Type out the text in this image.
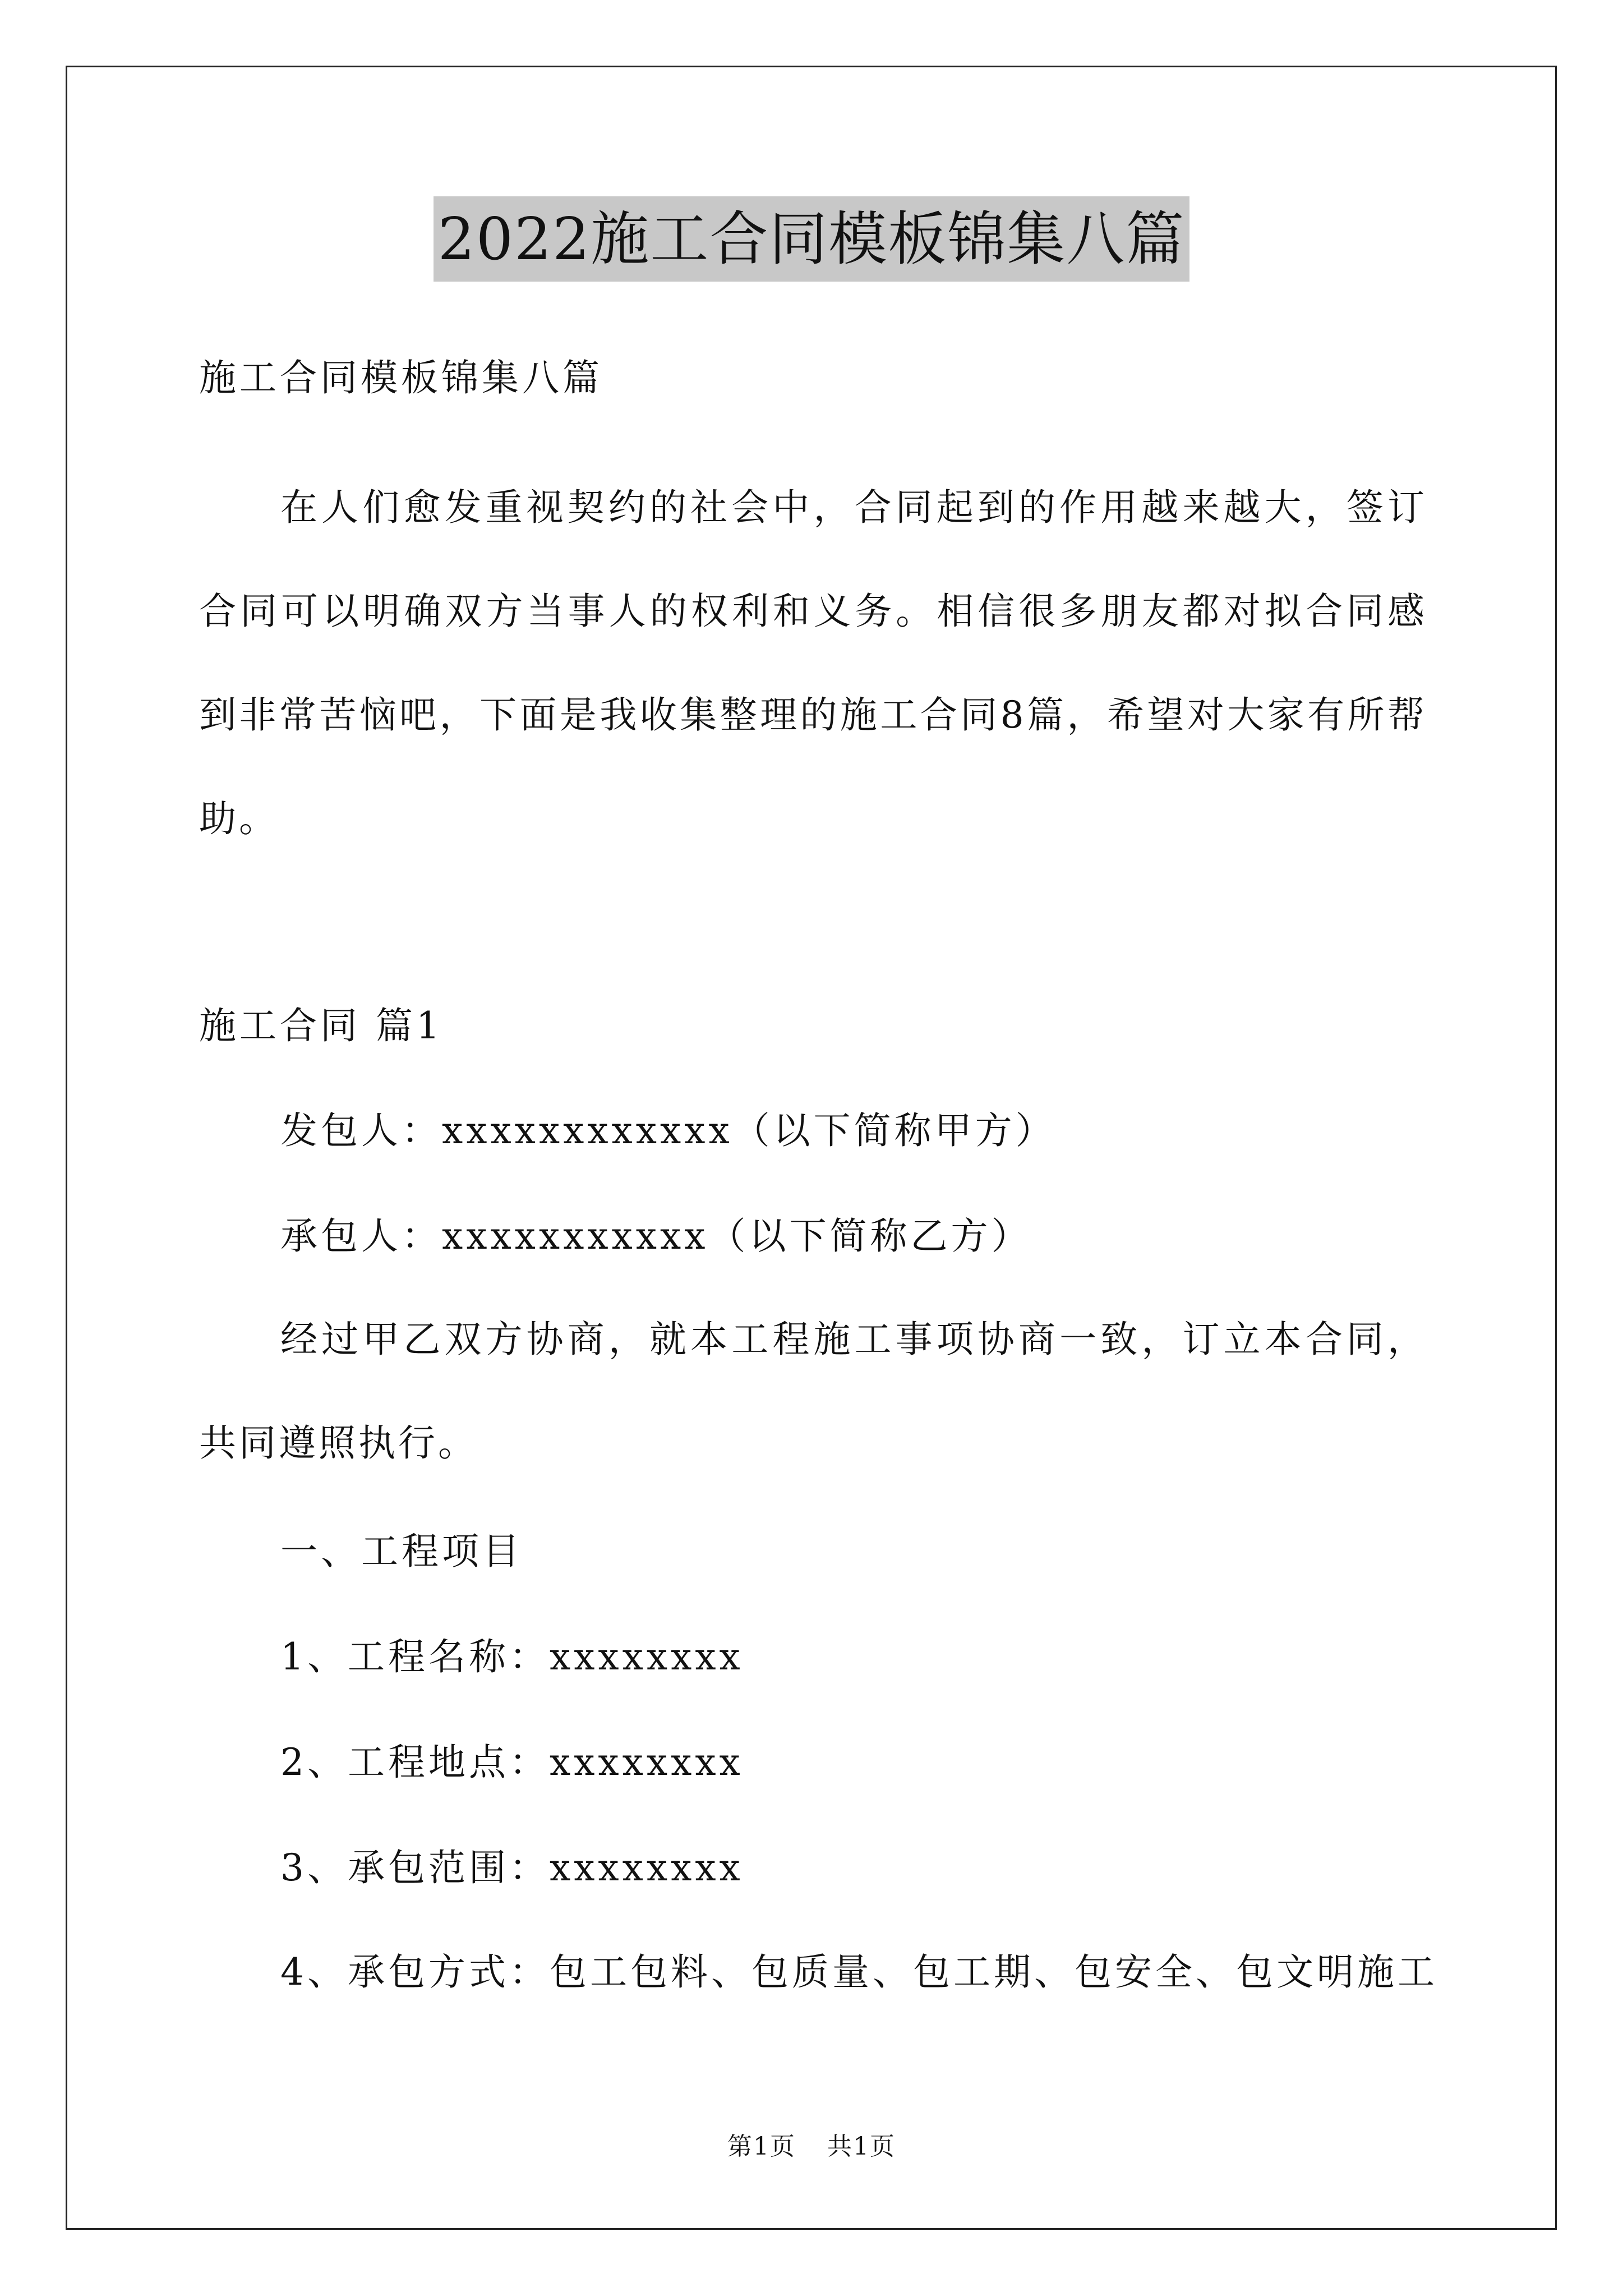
2022施工合同模板锦集八篇

施工合同模板锦集八篇

在人们愈发重视契约的社会中，合同起到的作用越来越大，签订合同可以明确双方当事人的权利和义务。相信很多朋友都对拟合同感到非常苦恼吧，下面是我收集整理的施工合同8篇，希望对大家有所帮助。

施工合同 篇1

发包人：xxxxxxxxxxxx（以下简称甲方）

承包人：xxxxxxxxxxx（以下简称乙方）

经过甲乙双方协商，就本工程施工事项协商一致，订立本合同，共同遵照执行。

一、工程项目

1、工程名称：xxxxxxxx

2、工程地点：xxxxxxxx

3、承包范围：xxxxxxxx

4、承包方式：包工包料、包质量、包工期、包安全、包文明施工

第1页 共1页
